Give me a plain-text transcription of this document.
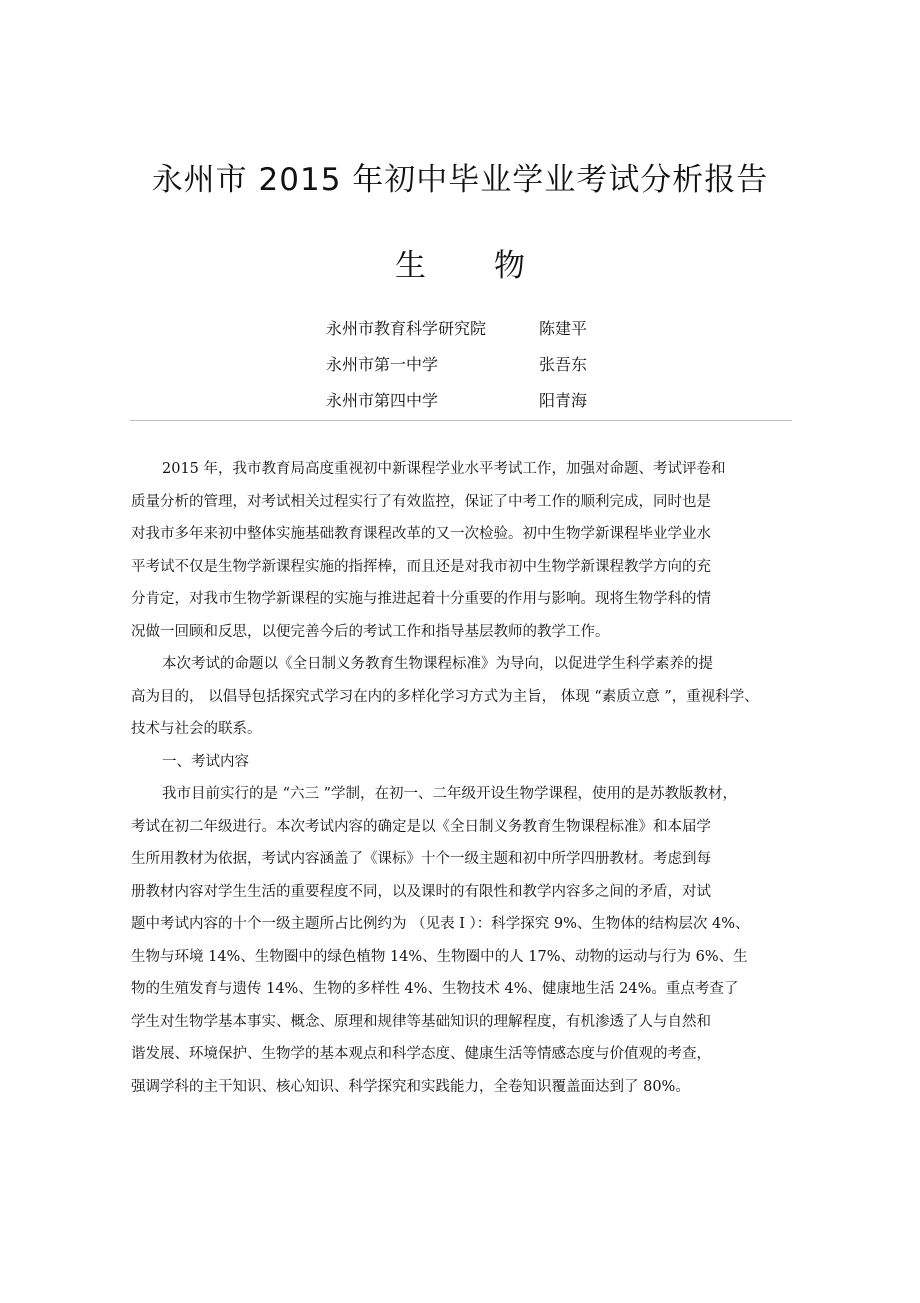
永州市 2015 年初中毕业学业考试分析报告
生 物
永州市教育科学研究院	陈建平
永州市第一中学	张吾东
永州市第四中学	阳青海
2015 年，我市教育局高度重视初中新课程学业水平考试工作，加强对命题、考试评卷和
质量分析的管理，对考试相关过程实行了有效监控，保证了中考工作的顺利完成，同时也是
对我市多年来初中整体实施基础教育课程改革的又一次检验。初中生物学新课程毕业学业水
平考试不仅是生物学新课程实施的指挥棒，而且还是对我市初中生物学新课程教学方向的充
分肯定，对我市生物学新课程的实施与推进起着十分重要的作用与影响。现将生物学科的情
况做一回顾和反思，以便完善今后的考试工作和指导基层教师的教学工作。
本次考试的命题以《全日制义务教育生物课程标准》为导向，以促进学生科学素养的提
高为目的， 以倡导包括探究式学习在内的多样化学习方式为主旨， 体现 “素质立意 ”，重视科学、
技术与社会的联系。
一、考试内容
我市目前实行的是 “六三 ”学制，在初一、二年级开设生物学课程，使用的是苏教版教材，
考试在初二年级进行。本次考试内容的确定是以《全日制义务教育生物课程标准》和本届学
生所用教材为依据，考试内容涵盖了《课标》十个一级主题和初中所学四册教材。考虑到每
册教材内容对学生生活的重要程度不同，以及课时的有限性和教学内容多之间的矛盾，对试
题中考试内容的十个一级主题所占比例约为 （见表 I ）：科学探究 9%、生物体的结构层次 4%、
生物与环境 14%、生物圈中的绿色植物 14%、生物圈中的人 17%、动物的运动与行为 6%、生
物的生殖发育与遗传 14%、生物的多样性 4%、生物技术 4%、健康地生活 24%。重点考查了
学生对生物学基本事实、概念、原理和规律等基础知识的理解程度，有机渗透了人与自然和
谐发展、环境保护、生物学的基本观点和科学态度、健康生活等情感态度与价值观的考查，
强调学科的主干知识、核心知识、科学探究和实践能力，全卷知识覆盖面达到了 80%。
